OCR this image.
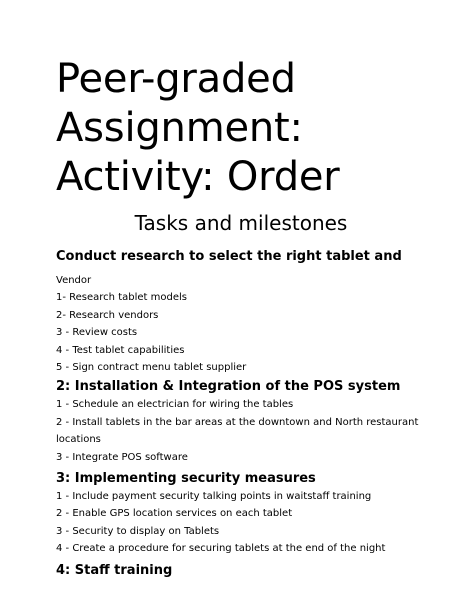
Peer-graded
Assignment:
Activity: Order

Tasks and milestones

Conduct research to select the right tablet and

Vendor

1- Research tablet models

2- Research vendors

3 - Review costs

4 - Test tablet capabilities

5 - Sign contract menu tablet supplier

2: Installation & Integration of the POS system

1 - Schedule an electrician for wiring the tables

2 - Install tablets in the bar areas at the downtown and North restaurant locations

3 - Integrate POS software

3: Implementing security measures

1 - Include payment security talking points in waitstaff training

2 - Enable GPS location services on each tablet

3 - Security to display on Tablets

4 - Create a procedure for securing tablets at the end of the night

4: Staff training
